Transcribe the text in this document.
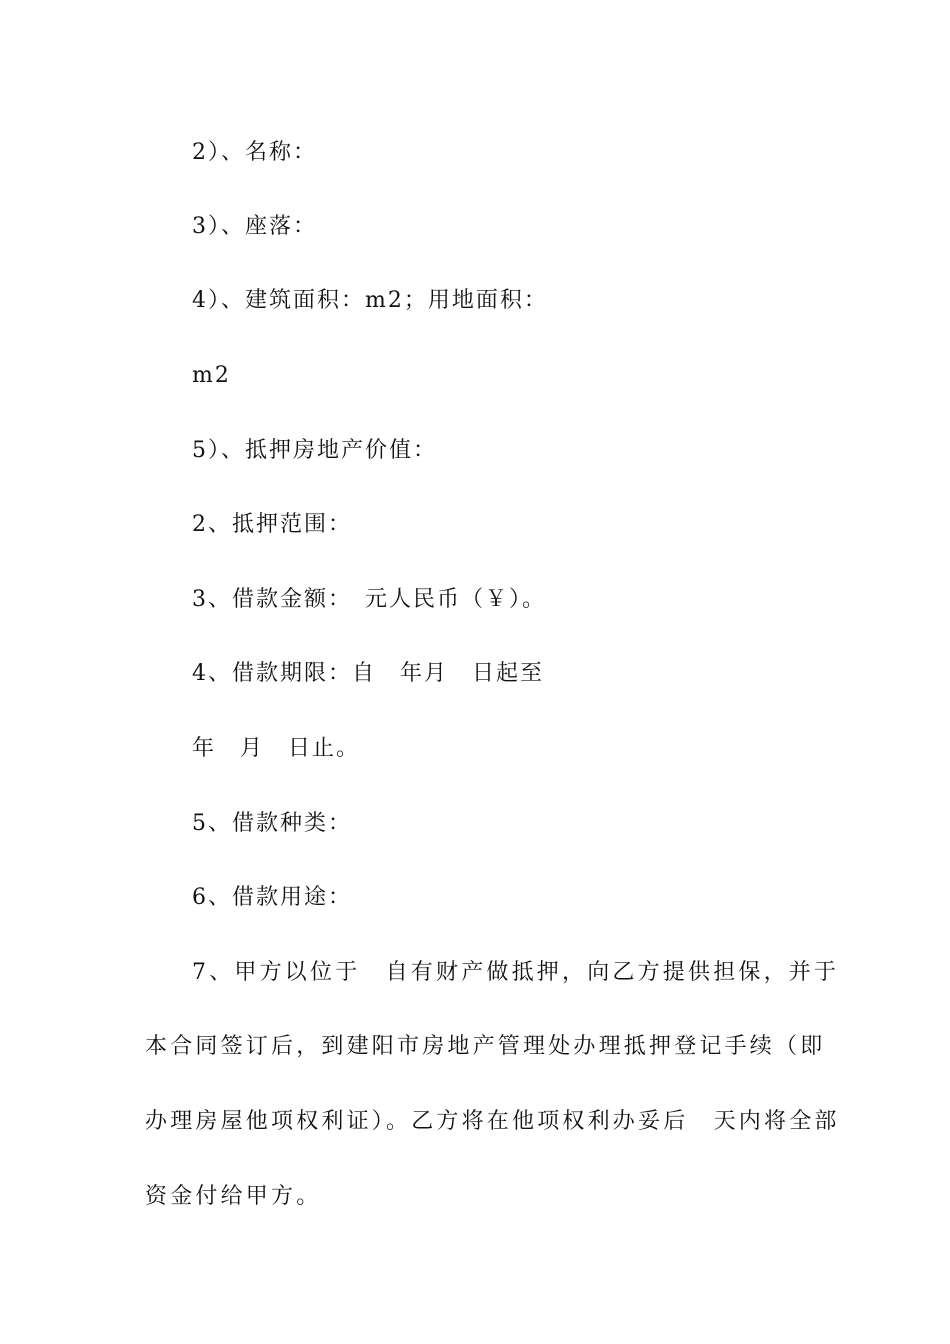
2）、名称：
3）、座落：
4）、建筑面积：m2；用地面积：
m2
5）、抵押房地产价值：
2、抵押范围：
3、借款金额：　元人民币（￥）。
4、借款期限：自　年月　日起至
年　月　日止。
5、借款种类：
6、借款用途：
7、甲方以位于　自有财产做抵押，向乙方提供担保，并于
本合同签订后，到建阳市房地产管理处办理抵押登记手续（即
办理房屋他项权利证）。乙方将在他项权利办妥后　天内将全部
资金付给甲方。
